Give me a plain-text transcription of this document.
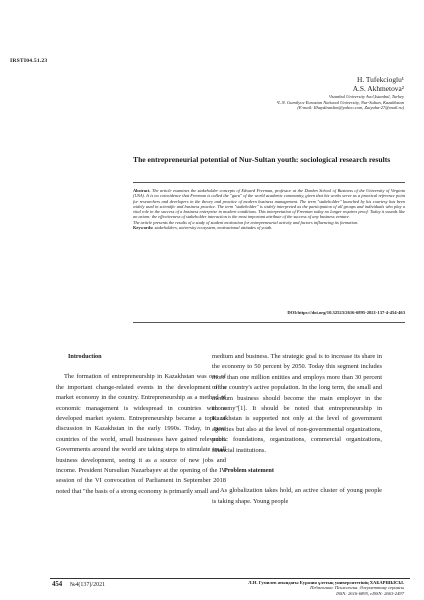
IRSTI04.51.23
H. Tufekcioglu¹
A.S. Akhmetova²
¹Istanbul University Avcl,Istanbul, Turkey
²L.N. Gumilyov Eurasian National University, Nur-Sultan, Kazakhstan
(E-mail: Ilhaydinaslim@yahoo.com, Zaiyuha-27@mail.ru)
The entrepreneurial potential of Nur-Sultan youth: sociological research results

Abstract. The article examines the stakeholder concepts of Edward Freeman, professor at the Darden School of Business of the University of Virginia (USA). It is no coincidence that Freeman is called the "guru" of the world academic community, given that his works serve as a practical reference point for researchers and developers in the theory and practice of modern business management. The term "stakeholder" launched by his courtesy has been widely used in scientific and business practice. The term "stakeholder" is widely interpreted as the participation of all groups and individuals who play a vital role in the success of a business enterprise in modern conditions. This interpretation of Freeman today no longer requires proof. Today it sounds like an axiom: the effectiveness of stakeholder interaction is the most important attribute of the success of any business venture.

The article presents the results of a study of student motivation for entrepreneurial activity and factors influencing its formation.

Keywords: stakeholders, university ecosystem, motivational attitudes of youth.

DOI:https://doi.org/10.32523/2616-6895-2021-137-4-454-463
Introduction

The formation of entrepreneurship in Kazakhstan was one of the important change-related events in the development of a market economy in the country. Entrepreneurship as a method of economic management is widespread in countries with a developed market system. Entrepreneurship became a topic of discussion in Kazakhstan in the early 1990s. Today, in most countries of the world, small businesses have gained relevance. Governments around the world are taking steps to stimulate small business development, seeing it as a source of new jobs and income. President Nursultan Nazarbayev at the opening of the IV session of the VI convocation of Parliament in September 2018 noted that "the basis of a strong economy is primarily small and

medium and business. The strategic goal is to increase its share in the economy to 50 percent by 2050. Today this segment includes more than one million entities and employs more than 30 percent of the country's active population. In the long term, the small and medium business should become the main employer in the economy"[1]. It should be noted that entrepreneurship in Kazakhstan is supported not only at the level of government agencies but also at the level of non-governmental organizations, public foundations, organizations, commercial organizations, financial institutions.

Problem statement

As globalization takes hold, an active cluster of young people is taking shape. Young people

454 №4(137)/2021	Л.Н. Гумилев атындағы Еуразия ұлттық университетінің ХАБАРШЫСЫ.
Педагогика. Психология. Әлеуметтану сериясы
ISSN: 2616-6895, eISSN: 2663-2497
